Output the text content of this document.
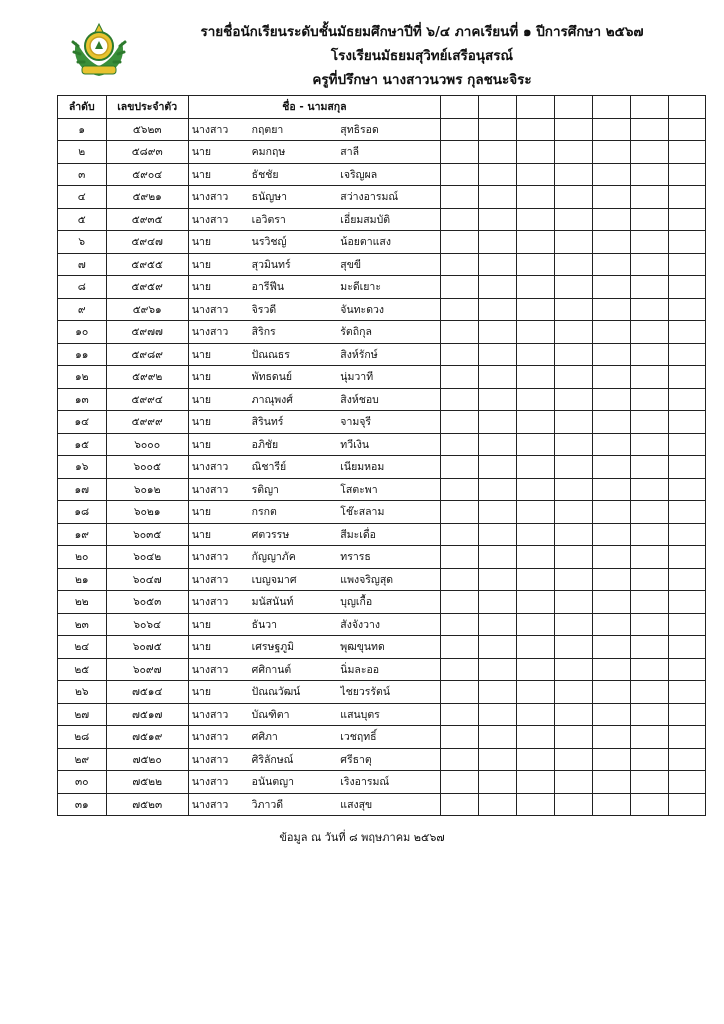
รายชื่อนักเรียนระดับชั้นมัธยมศึกษาปีที่ ๖/๔ ภาคเรียนที่ ๑ ปีการศึกษา ๒๕๖๗
โรงเรียนมัธยมสุวิทย์เสรีอนุสรณ์
ครูที่ปรึกษา นางสาวนวพร กุลชนะจิระ
ลำดับ	เลขประจำตัว	ชื่อ - นามสกุล									
๑	๕๖๒๓	นางสาว	กฤตยา	สุทธิรอด							
๒	๕๘๙๓	นาย	คมกฤษ	สาลี							
๓	๕๙๐๔	นาย	ธัชชัย	เจริญผล							
๔	๕๙๒๑	นางสาว	ธนัญษา	สว่างอารมณ์							
๕	๕๙๓๕	นางสาว	เอวิตรา	เอี่ยมสมบัติ							
๖	๕๙๔๗	นาย	นรวิชญ์	น้อยตาแสง							
๗	๕๙๕๕	นาย	สุวมินทร์	สุขขี							
๘	๕๙๕๙	นาย	อารีฟีน	มะดีเยาะ							
๙	๕๙๖๑	นางสาว	จิรวดี	จันทะดวง							
๑๐	๕๙๗๗	นางสาว	สิริกร	รัตถิกุล							
๑๑	๕๙๘๙	นาย	ปัณณธร	สิงห์รักษ์							
๑๒	๕๙๙๒	นาย	พัทธดนย์	นุ่มวาที							
๑๓	๕๙๙๔	นาย	ภาณุพงศ์	สิงห์ชอบ							
๑๔	๕๙๙๙	นาย	สิรินทร์	จามจุรี							
๑๕	๖๐๐๐	นาย	อภิชัย	ทวีเงิน							
๑๖	๖๐๐๕	นางสาว	ณิชารีย์	เนียมหอม							
๑๗	๖๐๑๒	นางสาว	รติญา	โสตะพา							
๑๘	๖๐๒๑	นาย	กรกต	โช๊ะสลาม							
๑๙	๖๐๓๕	นาย	ศตวรรษ	สีมะเดื่อ							
๒๐	๖๐๔๒	นางสาว	กัญญาภัค	ทรารธ							
๒๑	๖๐๔๗	นางสาว	เบญจมาศ	แพงจริญสุด							
๒๒	๖๐๕๓	นางสาว	มนัสนันท์	บุญเกื้อ							
๒๓	๖๐๖๔	นาย	ธันวา	สังจังวาง							
๒๔	๖๐๗๕	นาย	เศรษฐภูมิ	พุฒขุนทด							
๒๕	๖๐๙๗	นางสาว	ศศิกานต์	นิ่มละออ							
๒๖	๗๕๑๔	นาย	ปัณณวัฒน์	ไชยวรรัตน์							
๒๗	๗๕๑๗	นางสาว	บัณฑิตา	แสนบุตร							
๒๘	๗๕๑๙	นางสาว	ศศิภา	เวชฤทธิ์							
๒๙	๗๕๒๐	นางสาว	ศิริลักษณ์	ศรีธาตุ							
๓๐	๗๕๒๒	นางสาว	อนันตญา	เริงอารมณ์							
๓๑	๗๕๒๓	นางสาว	วิภาวดี	แสงสุข							
ข้อมูล ณ วันที่ ๘ พฤษภาคม ๒๕๖๗
